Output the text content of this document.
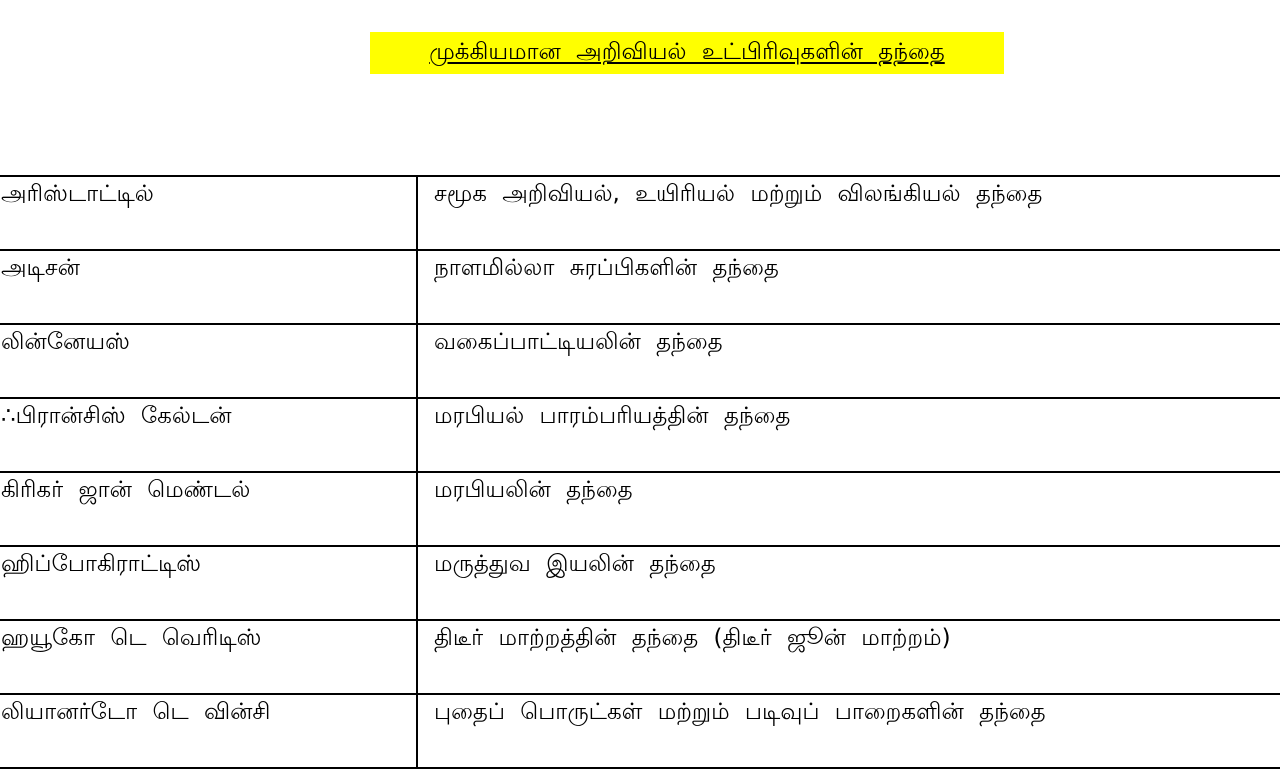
முக்கியமான அறிவியல் உட்பிரிவுகளின் தந்தை
அரிஸ்டாட்டில்	சமூக அறிவியல், உயிரியல் மற்றும் விலங்கியல் தந்தை
அடிசன்	நாளமில்லா சுரப்பிகளின் தந்தை
லின்னேயஸ்	வகைப்பாட்டியலின் தந்தை
∴பிரான்சிஸ் கேல்டன்	மரபியல் பாரம்பரியத்தின் தந்தை
கிரிகர் ஜான் மெண்டல்	மரபியலின் தந்தை
ஹிப்போகிராட்டிஸ்	மருத்துவ இயலின் தந்தை
ஹயூகோ டெ வெரிடிஸ்	திடீர் மாற்றத்தின் தந்தை (திடீர் ஜூன் மாற்றம்)
லியானர்டோ டெ வின்சி	புதைப் பொருட்கள் மற்றும் படிவுப் பாறைகளின் தந்தை
